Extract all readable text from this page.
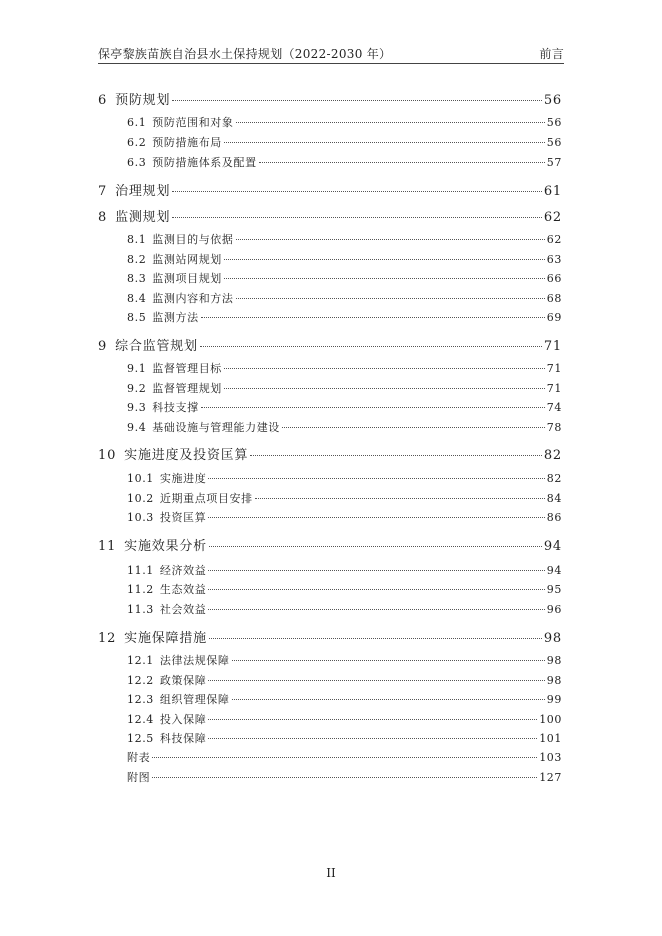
保亭黎族苗族自治县水土保持规划（2022-2030 年）	前言
6 预防规划	56
6.1 预防范围和对象	56
6.2 预防措施布局	56
6.3 预防措施体系及配置	57
7 治理规划	61
8 监测规划	62
8.1 监测目的与依据	62
8.2 监测站网规划	63
8.3 监测项目规划	66
8.4 监测内容和方法	68
8.5 监测方法	69
9 综合监管规划	71
9.1 监督管理目标	71
9.2 监督管理规划	71
9.3 科技支撑	74
9.4 基础设施与管理能力建设	78
10 实施进度及投资匡算	82
10.1 实施进度	82
10.2 近期重点项目安排	84
10.3 投资匡算	86
11 实施效果分析	94
11.1 经济效益	94
11.2 生态效益	95
11.3 社会效益	96
12 实施保障措施	98
12.1 法律法规保障	98
12.2 政策保障	98
12.3 组织管理保障	99
12.4 投入保障	100
12.5 科技保障	101
附表	103
附图	127
II
